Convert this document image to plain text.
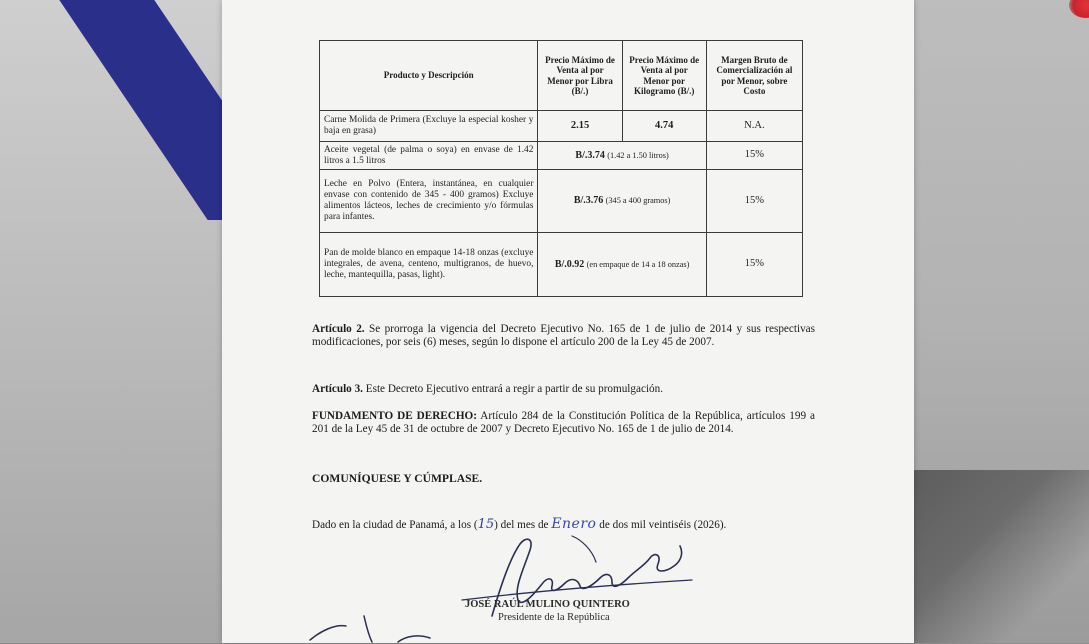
Producto y Descripción	Precio Máximo de Venta al por Menor por Libra (B/.)	Precio Máximo de Venta al por Menor por Kilogramo (B/.)	Margen Bruto de Comercialización al por Menor, sobre Costo
Carne Molida de Primera (Excluye la especial kosher y baja en grasa)	2.15	4.74	N.A.
Aceite vegetal (de palma o soya) en envase de 1.42 litros a 1.5 litros	B/.3.74 (1.42 a 1.50 litros)		15%
Leche en Polvo (Entera, instantánea, en cualquier envase con contenido de 345 - 400 gramos) Excluye alimentos lácteos, leches de crecimiento y/o fórmulas para infantes.	B/.3.76 (345 a 400 gramos)		15%
Pan de molde blanco en empaque 14-18 onzas (excluye integrales, de avena, centeno, multigranos, de huevo, leche, mantequilla, pasas, light).	B/.0.92 (en empaque de 14 a 18 onzas)		15%

Artículo 2. Se prorroga la vigencia del Decreto Ejecutivo No. 165 de 1 de julio de 2014 y sus respectivas modificaciones, por seis (6) meses, según lo dispone el artículo 200 de la Ley 45 de 2007.

Artículo 3. Este Decreto Ejecutivo entrará a regir a partir de su promulgación.

FUNDAMENTO DE DERECHO: Artículo 284 de la Constitución Política de la República, artículos 199 a 201 de la Ley 45 de 31 de octubre de 2007 y Decreto Ejecutivo No. 165 de 1 de julio de 2014.

COMUNÍQUESE Y CÚMPLASE.

Dado en la ciudad de Panamá, a los (15) del mes de Enero de dos mil veintiséis (2026).

JOSÉ RAÚL MULINO QUINTERO

Presidente de la República
